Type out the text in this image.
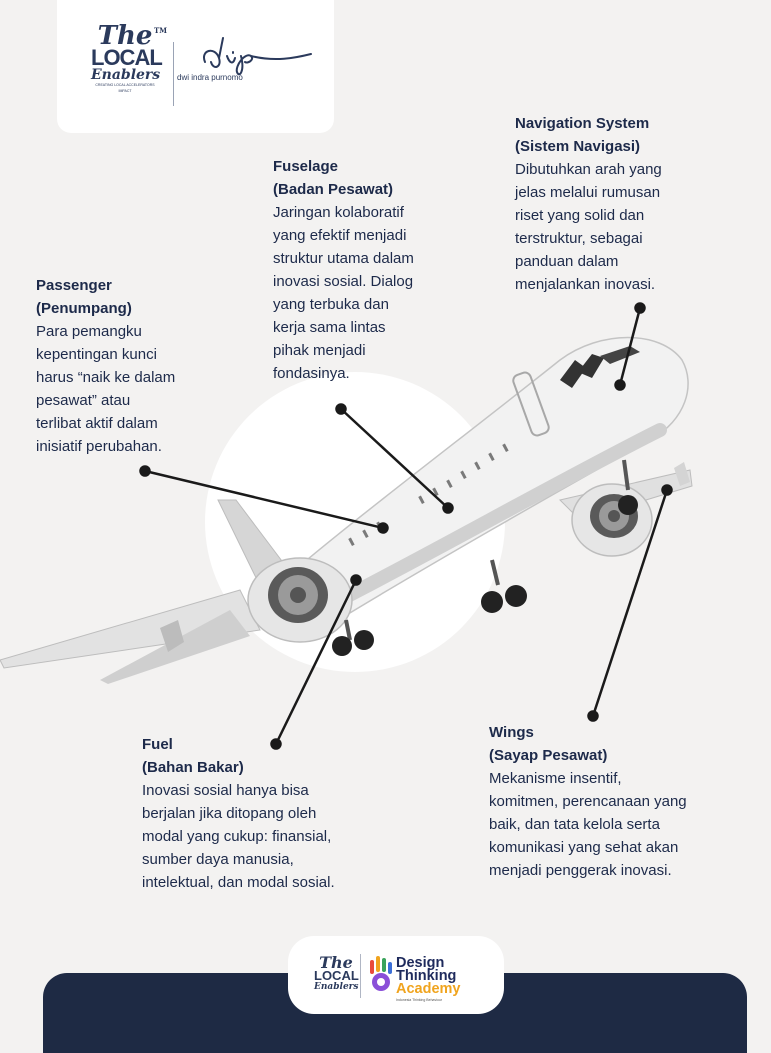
The TM
LOCAL
Enablers
CREATING LOCAL ACCELERATORS IMPACT
dwi indra purnomo
Navigation System
(Sistem Navigasi)
Dibutuhkan arah yang
jelas melalui rumusan
riset yang solid dan
terstruktur, sebagai
panduan dalam
menjalankan inovasi.
Fuselage
(Badan Pesawat)
Jaringan kolaboratif
yang efektif menjadi
struktur utama dalam
inovasi sosial. Dialog
yang terbuka dan
kerja sama lintas
pihak menjadi
fondasinya.
Passenger
(Penumpang)
Para pemangku
kepentingan kunci
harus “naik ke dalam
pesawat” atau
terlibat aktif dalam
inisiatif perubahan.
Fuel
(Bahan Bakar)
Inovasi sosial hanya bisa
berjalan jika ditopang oleh
modal yang cukup: finansial,
sumber daya manusia,
intelektual, dan modal sosial.
Wings
(Sayap Pesawat)
Mekanisme insentif,
komitmen, perencanaan yang
baik, dan tata kelola serta
komunikasi yang sehat akan
menjadi penggerak inovasi.
The
LOCAL
Enablers
Design Thinking
Academy
Indonesia Thinking Behaviour
